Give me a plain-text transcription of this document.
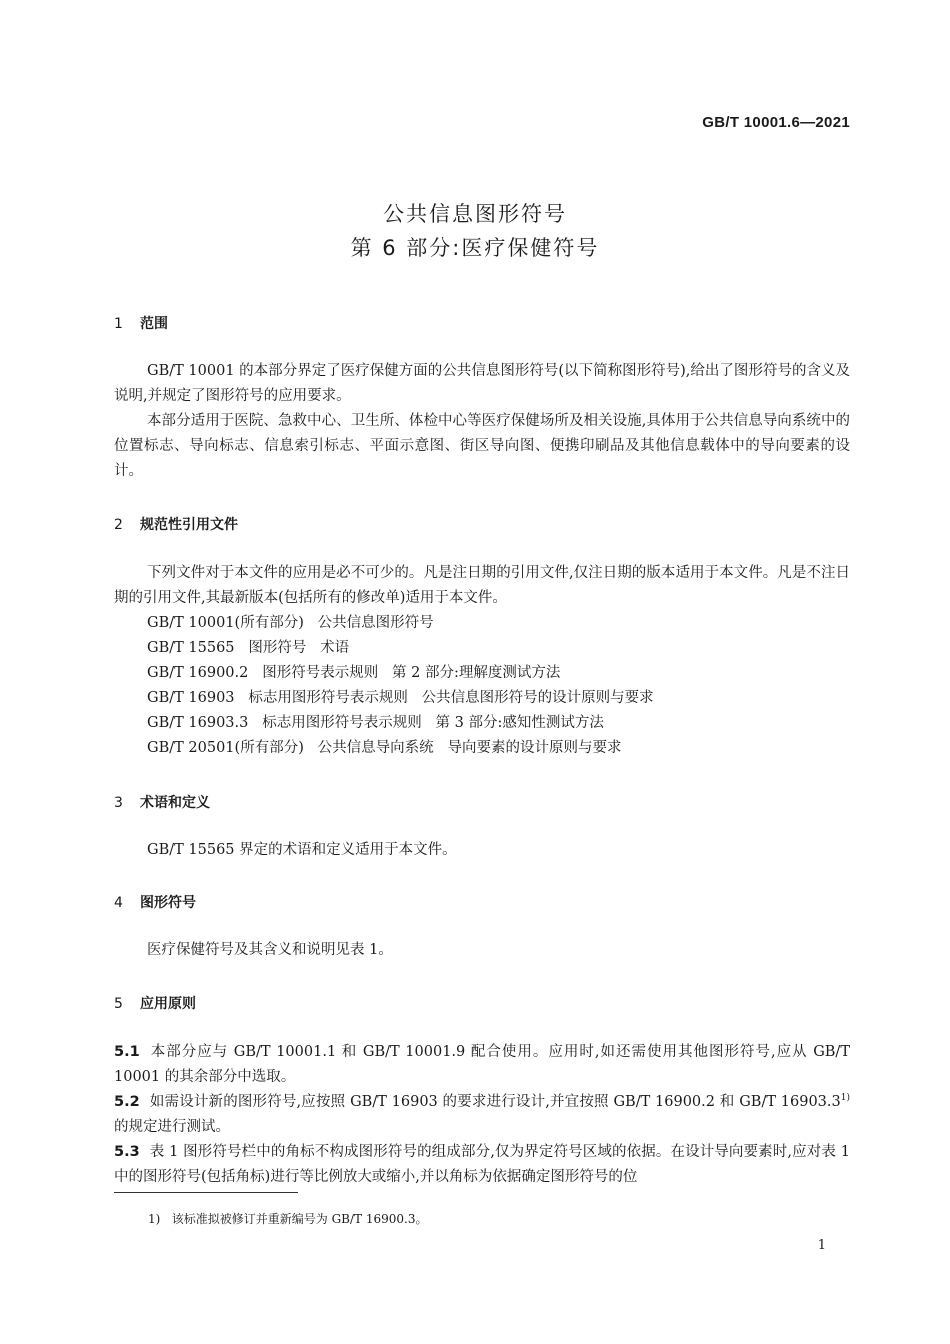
GB/T 10001.6—2021
公共信息图形符号
第 6 部分:医疗保健符号
1 范围
GB/T 10001 的本部分界定了医疗保健方面的公共信息图形符号(以下简称图形符号),给出了图形符号的含义及说明,并规定了图形符号的应用要求。
本部分适用于医院、急救中心、卫生所、体检中心等医疗保健场所及相关设施,具体用于公共信息导向系统中的位置标志、导向标志、信息索引标志、平面示意图、街区导向图、便携印刷品及其他信息载体中的导向要素的设计。
2 规范性引用文件
下列文件对于本文件的应用是必不可少的。凡是注日期的引用文件,仅注日期的版本适用于本文件。凡是不注日期的引用文件,其最新版本(包括所有的修改单)适用于本文件。
GB/T 10001(所有部分)   公共信息图形符号
GB/T 15565   图形符号   术语
GB/T 16900.2   图形符号表示规则   第 2 部分:理解度测试方法
GB/T 16903   标志用图形符号表示规则   公共信息图形符号的设计原则与要求
GB/T 16903.3   标志用图形符号表示规则   第 3 部分:感知性测试方法
GB/T 20501(所有部分)   公共信息导向系统   导向要素的设计原则与要求
3 术语和定义
GB/T 15565 界定的术语和定义适用于本文件。
4 图形符号
医疗保健符号及其含义和说明见表 1。
5 应用原则
5.1 本部分应与 GB/T 10001.1 和 GB/T 10001.9 配合使用。应用时,如还需使用其他图形符号,应从 GB/T 10001 的其余部分中选取。
5.2 如需设计新的图形符号,应按照 GB/T 16903 的要求进行设计,并宜按照 GB/T 16900.2 和 GB/T 16903.3$^{1)}$的规定进行测试。
5.3 表 1 图形符号栏中的角标不构成图形符号的组成部分,仅为界定符号区域的依据。在设计导向要素时,应对表 1 中的图形符号(包括角标)进行等比例放大或缩小,并以角标为依据确定图形符号的位
1)   该标准拟被修订并重新编号为 GB/T 16900.3。
1
